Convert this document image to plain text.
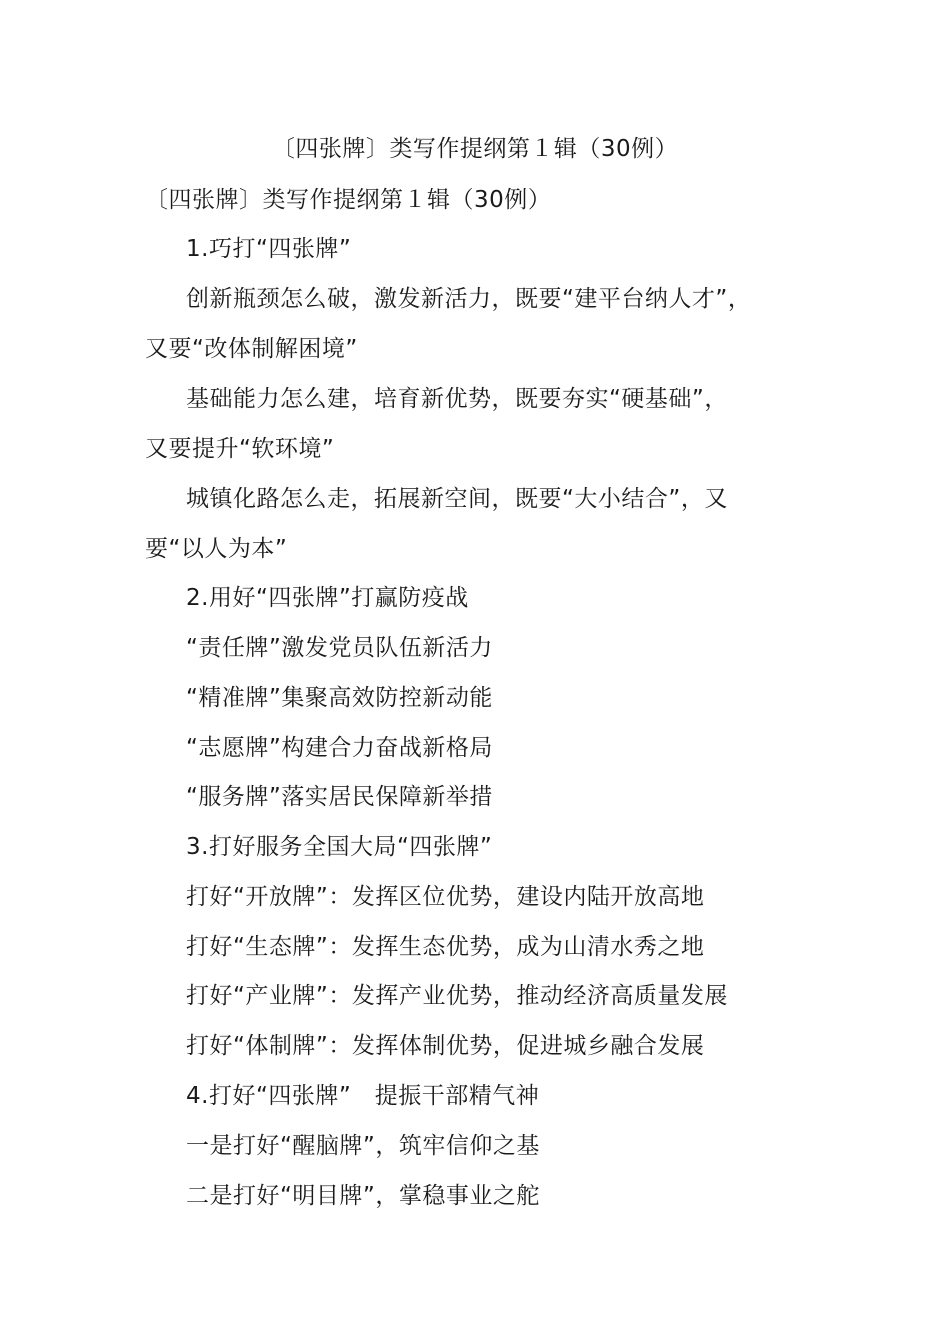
〔四张牌〕类写作提纲第１辑（30例）
〔四张牌〕类写作提纲第１辑（30例）
1.巧打“四张牌”
创新瓶颈怎么破，激发新活力，既要“建平台纳人才”，
又要“改体制解困境”
基础能力怎么建，培育新优势，既要夯实“硬基础”，
又要提升“软环境”
城镇化路怎么走，拓展新空间，既要“大小结合”，又
要“以人为本”
2.用好“四张牌”打赢防疫战
“责任牌”激发党员队伍新活力
“精准牌”集聚高效防控新动能
“志愿牌”构建合力奋战新格局
“服务牌”落实居民保障新举措
3.打好服务全国大局“四张牌”
打好“开放牌”：发挥区位优势，建设内陆开放高地
打好“生态牌”：发挥生态优势，成为山清水秀之地
打好“产业牌”：发挥产业优势，推动经济高质量发展
打好“体制牌”：发挥体制优势，促进城乡融合发展
4.打好“四张牌”　提振干部精气神
一是打好“醒脑牌”，筑牢信仰之基
二是打好“明目牌”，掌稳事业之舵
